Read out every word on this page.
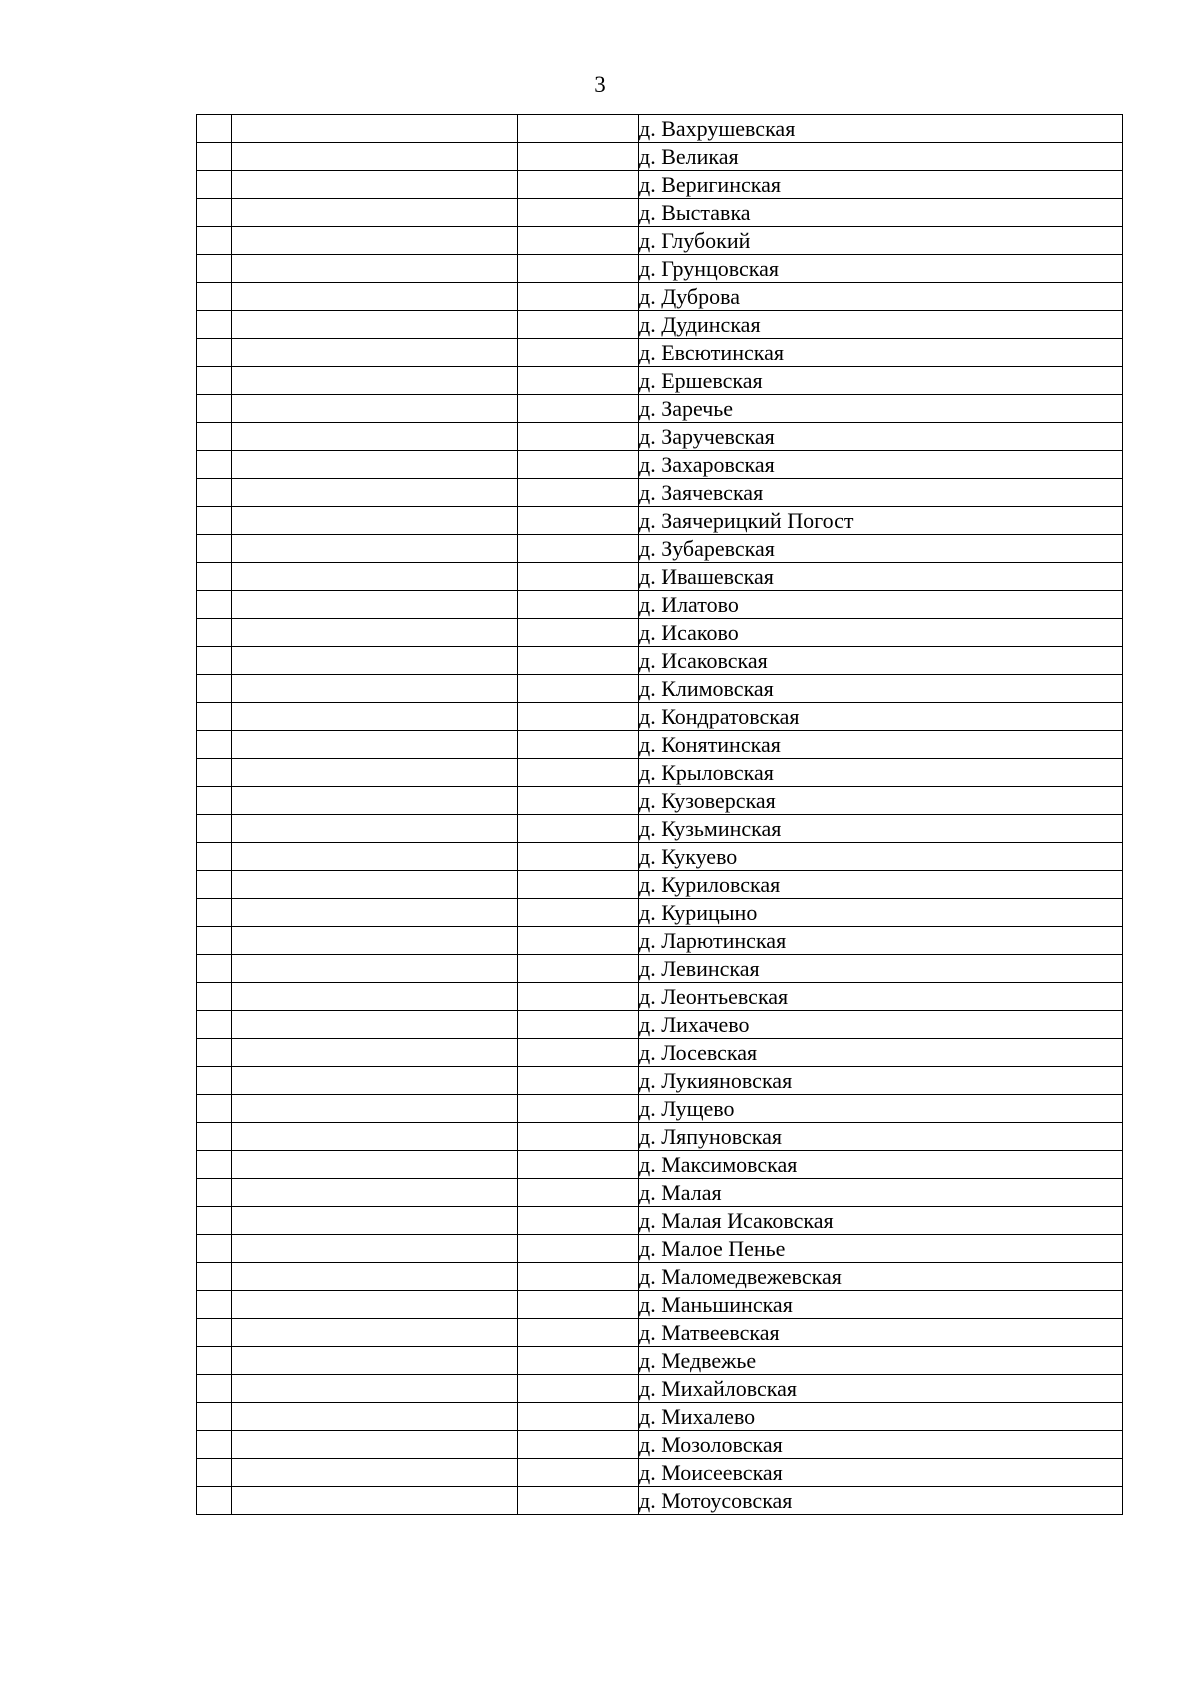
3
			д. Вахрушевская
			д. Великая
			д. Веригинская
			д. Выставка
			д. Глубокий
			д. Грунцовская
			д. Дуброва
			д. Дудинская
			д. Евсютинская
			д. Ершевская
			д. Заречье
			д. Заручевская
			д. Захаровская
			д. Заячевская
			д. Заячерицкий Погост
			д. Зубаревская
			д. Ивашевская
			д. Илатово
			д. Исаково
			д. Исаковская
			д. Климовская
			д. Кондратовская
			д. Конятинская
			д. Крыловская
			д. Кузоверская
			д. Кузьминская
			д. Кукуево
			д. Куриловская
			д. Курицыно
			д. Ларютинская
			д. Левинская
			д. Леонтьевская
			д. Лихачево
			д. Лосевская
			д. Лукияновская
			д. Лущево
			д. Ляпуновская
			д. Максимовская
			д. Малая
			д. Малая Исаковская
			д. Малое Пенье
			д. Маломедвежевская
			д. Маньшинская
			д. Матвеевская
			д. Медвежье
			д. Михайловская
			д. Михалево
			д. Мозоловская
			д. Моисеевская
			д. Мотоусовская
